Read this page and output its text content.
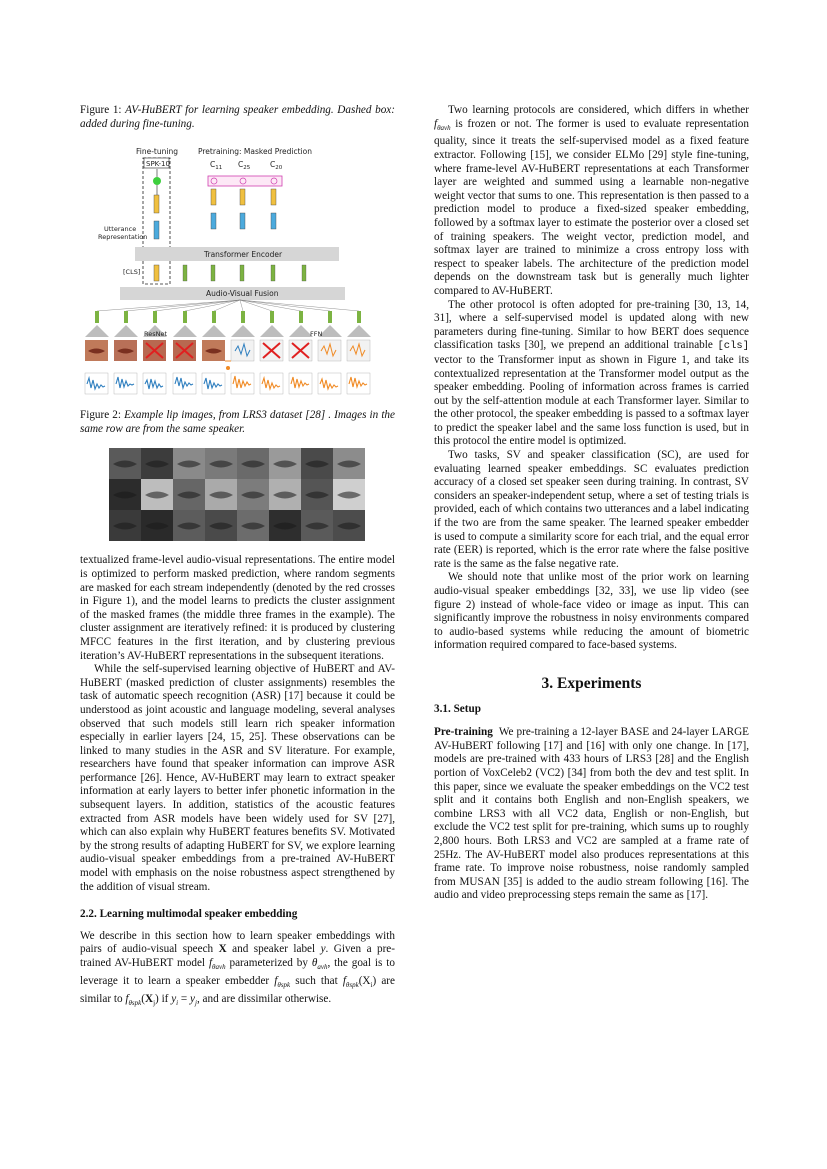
Figure 1: AV-HuBERT for learning speaker embedding. Dashed box: added during fine-tuning.

Fine-tuning	Pretraining: Masked Prediction
SPK-10	$C_{11}$ $C_{25}$	$C_{20}$
Utterance
Representation
Transformer Encoder
[CLS]
Audio-Visual Fusion
ResNet	FFN

Figure 2: Example lip images, from LRS3 dataset [28] . Images in the same row are from the same speaker.

textualized frame-level audio-visual representations. The entire model is optimized to perform masked prediction, where random segments are masked for each stream independently (denoted by the red crosses in Figure 1), and the model learns to predicts the cluster assignment of the masked frames (the middle three frames in the example). The cluster assignment are iteratively refined: it is produced by clustering MFCC features in the first iteration, and by clustering previous iteration’s AV-HuBERT representations in the subsequent iterations.

While the self-supervised learning objective of HuBERT and AV-HuBERT (masked prediction of cluster assignments) resembles the task of automatic speech recognition (ASR) [17] because it could be understood as joint acoustic and language modeling, several analyses observed that such models still learn rich speaker information especially in earlier layers [24, 15, 25]. These observations can be linked to many studies in the ASR and SV literature. For example, researchers have found that speaker information can improve ASR performance [26]. Hence, AV-HuBERT may learn to extract speaker information at early layers to better infer phonetic information in the subsequent layers. In addition, statistics of the acoustic features extracted from ASR models have been widely used for SV [27], which can also explain why HuBERT features benefits SV. Motivated by the strong results of adapting HuBERT for SV, we explore learning audio-visual speaker embeddings from a pre-trained AV-HuBERT model with emphasis on the noise robustness aspect strengthened by the addition of visual stream.

2.2. Learning multimodal speaker embedding

We describe in this section how to learn speaker embeddings with pairs of audio-visual speech X and speaker label y. Given a pre-trained AV-HuBERT model $f_{\theta avh}$ parameterized by $\theta_{avh}$, the goal is to leverage it to learn a speaker embedder $f_{\theta spk}$ such that $f_{\theta spk}(X_i)$ are similar to $f_{\theta spk}(X_j)$ if $y_i = y_j$, and are dissimilar otherwise.

Two learning protocols are considered, which differs in whether $f_{\theta avh}$ is frozen or not. The former is used to evaluate representation quality, since it treats the self-supervised model as a fixed feature extractor. Following [15], we consider ELMo [29] style fine-tuning, where frame-level AV-HuBERT representations at each Transformer layer are weighted and summed using a learnable non-negative weight vector that sums to one. This representation is then passed to a prediction model to produce a fixed-sized speaker embedding, followed by a softmax layer to estimate the posterior over a closed set of training speakers. The weight vector, prediction model, and softmax layer are trained to minimize a cross entropy loss with respect to speaker labels. The architecture of the prediction model depends on the downstream task but is generally much lighter compared to AV-HuBERT.

The other protocol is often adopted for pre-training [30, 13, 14, 31], where a self-supervised model is updated along with new parameters during fine-tuning. Similar to how BERT does sequence classification tasks [30], we prepend an additional trainable [cls] vector to the Transformer input as shown in Figure 1, and take its contextualized representation at the Transformer model output as the speaker embedding. Pooling of information across frames is carried out by the self-attention module at each Transformer layer. Similar to the other protocol, the speaker embedding is passed to a softmax layer to predict the speaker label and the same loss function is used, but in this protocol the entire model is optimized.

Two tasks, SV and speaker classification (SC), are used for evaluating learned speaker embeddings. SC evaluates prediction accuracy of a closed set speaker seen during training. In contrast, SV considers an speaker-independent setup, where a set of testing trials is provided, each of which contains two utterances and a label indicating if the two are from the same speaker. The learned speaker embedder is used to compute a similarity score for each trial, and the equal error rate (EER) is reported, which is the error rate where the false positive rate is the same as the false negative rate.

We should note that unlike most of the prior work on learning audio-visual speaker embeddings [32, 33], we use lip video (see figure 2) instead of whole-face video or image as input. This can significantly improve the robustness in noisy environments compared to audio-based systems while reducing the amount of biometric information required compared to face-based systems.

3. Experiments
3.1. Setup

Pre-training We pre-training a 12-layer BASE and 24-layer LARGE AV-HuBERT following [17] and [16] with only one change. In [17], models are pre-trained with 433 hours of LRS3 [28] and the English portion of VoxCeleb2 (VC2) [34] from both the dev and test split. In this paper, since we evaluate the speaker embeddings on the VC2 test split and it contains both English and non-English speakers, we combine LRS3 with all VC2 data, English or non-English, but exclude the VC2 test split for pre-training, which sums up to roughly 2,800 hours. Both LRS3 and VC2 are sampled at a frame rate of 25Hz. The AV-HuBERT model also produces representations at this frame rate. To improve noise robustness, noise randomly sampled from MUSAN [35] is added to the audio stream following [16]. The audio and video preprocessing steps remain the same as [17].
